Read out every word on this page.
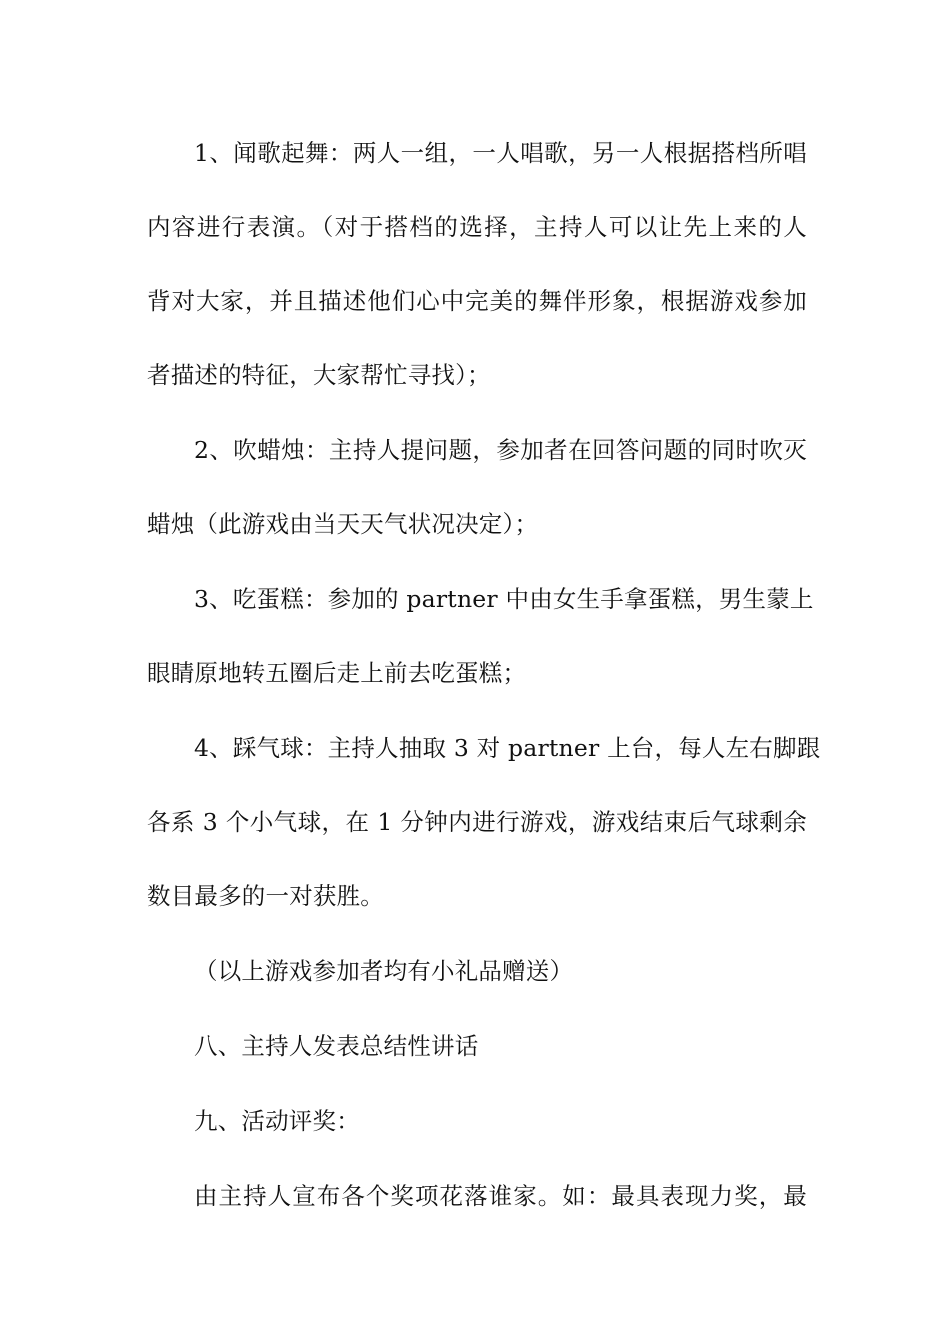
1、闻歌起舞：两人一组，一人唱歌，另一人根据搭档所唱
内容进行表演。（对于搭档的选择，主持人可以让先上来的人
背对大家，并且描述他们心中完美的舞伴形象，根据游戏参加
者描述的特征，大家帮忙寻找）；
2、吹蜡烛：主持人提问题，参加者在回答问题的同时吹灭
蜡烛（此游戏由当天天气状况决定）；
3、吃蛋糕：参加的 partner 中由女生手拿蛋糕，男生蒙上
眼睛原地转五圈后走上前去吃蛋糕；
4、踩气球：主持人抽取 3 对 partner 上台，每人左右脚跟
各系 3 个小气球，在 1 分钟内进行游戏，游戏结束后气球剩余
数目最多的一对获胜。
（以上游戏参加者均有小礼品赠送）
八、主持人发表总结性讲话
九、活动评奖：
由主持人宣布各个奖项花落谁家。如：最具表现力奖，最
